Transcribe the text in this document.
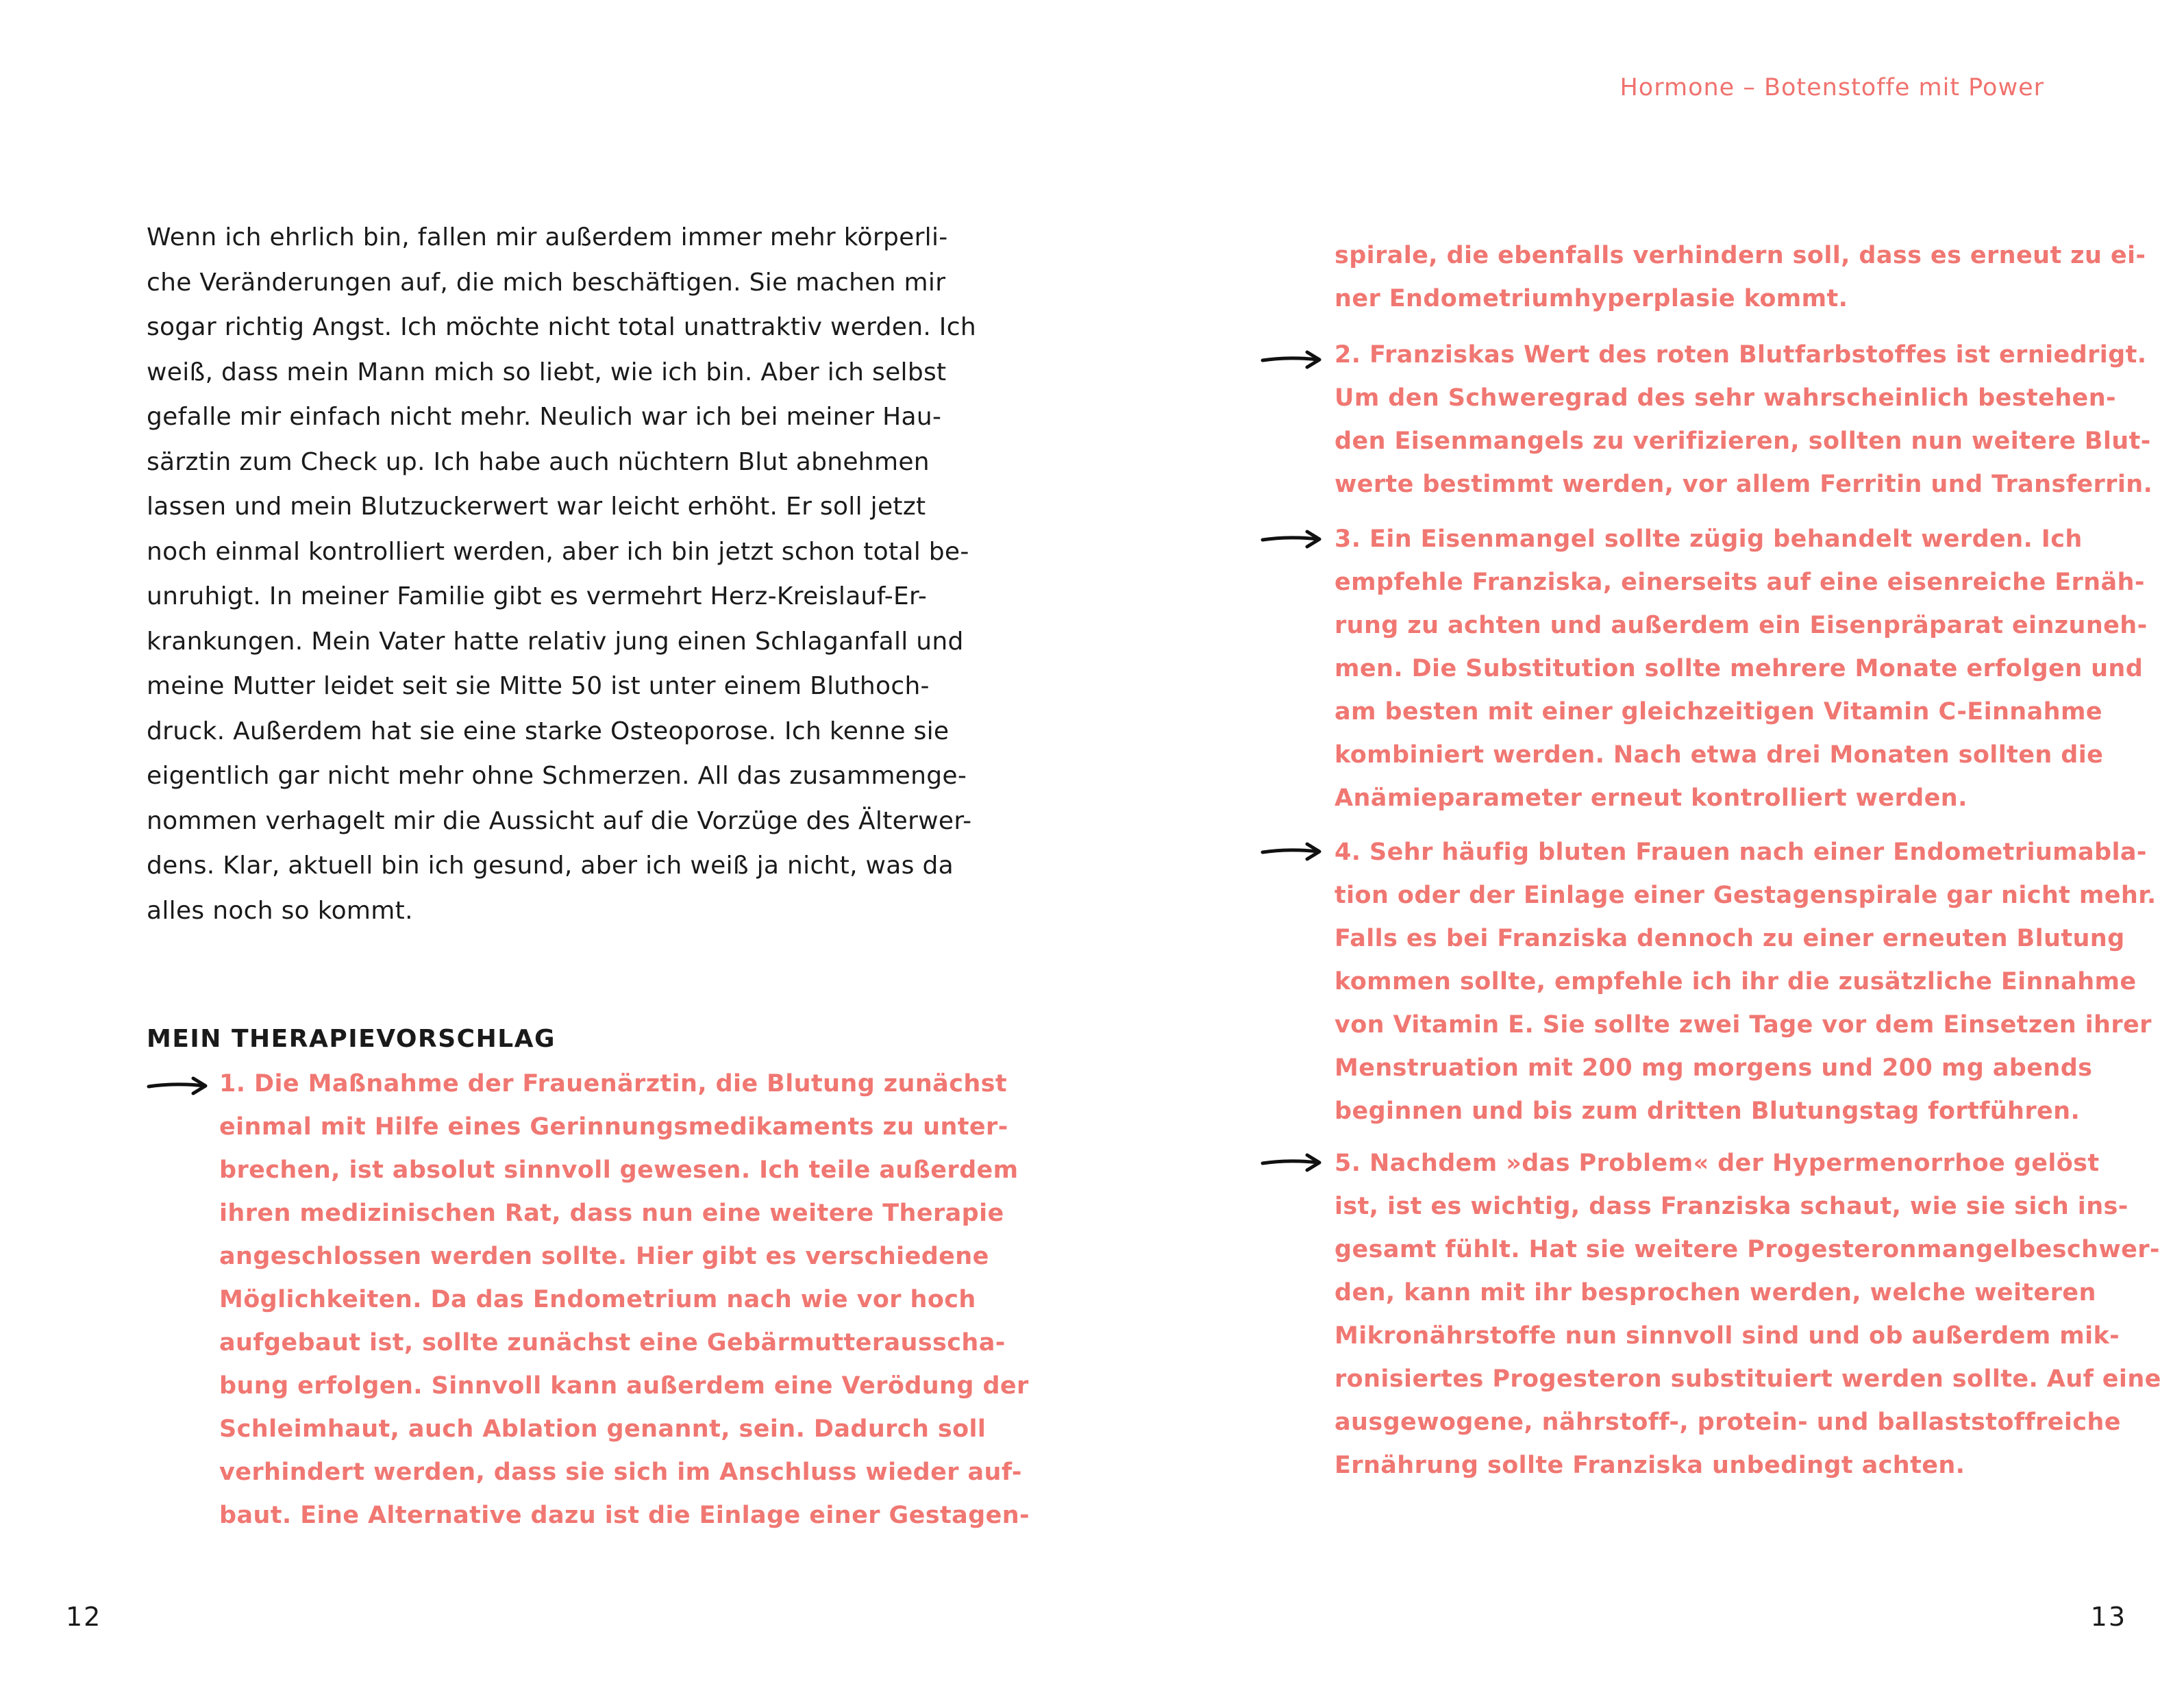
Wenn ich ehrlich bin, fallen mir außerdem immer mehr körperli-
che Veränderungen auf, die mich beschäftigen. Sie machen mir
sogar richtig Angst. Ich möchte nicht total unattraktiv werden. Ich
weiß, dass mein Mann mich so liebt, wie ich bin. Aber ich selbst
gefalle mir einfach nicht mehr. Neulich war ich bei meiner Hau-
särztin zum Check up. Ich habe auch nüchtern Blut abnehmen
lassen und mein Blutzuckerwert war leicht erhöht. Er soll jetzt
noch einmal kontrolliert werden, aber ich bin jetzt schon total be-
unruhigt. In meiner Familie gibt es vermehrt Herz-Kreislauf-Er-
krankungen. Mein Vater hatte relativ jung einen Schlaganfall und
meine Mutter leidet seit sie Mitte 50 ist unter einem Bluthoch-
druck. Außerdem hat sie eine starke Osteoporose. Ich kenne sie
eigentlich gar nicht mehr ohne Schmerzen. All das zusammenge-
nommen verhagelt mir die Aussicht auf die Vorzüge des Älterwer-
dens. Klar, aktuell bin ich gesund, aber ich weiß ja nicht, was da
alles noch so kommt.

MEIN THERAPIEVORSCHLAG

1. Die Maßnahme der Frauenärztin, die Blutung zunächst
einmal mit Hilfe eines Gerinnungsmedikaments zu unter-
brechen, ist absolut sinnvoll gewesen. Ich teile außerdem
ihren medizinischen Rat, dass nun eine weitere Therapie
angeschlossen werden sollte. Hier gibt es verschiedene
Möglichkeiten. Da das Endometrium nach wie vor hoch
aufgebaut ist, sollte zunächst eine Gebärmutterausscha-
bung erfolgen. Sinnvoll kann außerdem eine Verödung der
Schleimhaut, auch Ablation genannt, sein. Dadurch soll
verhindert werden, dass sie sich im Anschluss wieder auf-
baut. Eine Alternative dazu ist die Einlage einer Gestagen-

12
Hormone – Botenstoffe mit Power

spirale, die ebenfalls verhindern soll, dass es erneut zu ei-
ner Endometriumhyperplasie kommt.

2. Franziskas Wert des roten Blutfarbstoffes ist erniedrigt.
Um den Schweregrad des sehr wahrscheinlich bestehen-
den Eisenmangels zu verifizieren, sollten nun weitere Blut-
werte bestimmt werden, vor allem Ferritin und Transferrin.

3. Ein Eisenmangel sollte zügig behandelt werden. Ich
empfehle Franziska, einerseits auf eine eisenreiche Ernäh-
rung zu achten und außerdem ein Eisenpräparat einzuneh-
men. Die Substitution sollte mehrere Monate erfolgen und
am besten mit einer gleichzeitigen Vitamin C-Einnahme
kombiniert werden. Nach etwa drei Monaten sollten die
Anämieparameter erneut kontrolliert werden.

4. Sehr häufig bluten Frauen nach einer Endometriumabla-
tion oder der Einlage einer Gestagenspirale gar nicht mehr.
Falls es bei Franziska dennoch zu einer erneuten Blutung
kommen sollte, empfehle ich ihr die zusätzliche Einnahme
von Vitamin E. Sie sollte zwei Tage vor dem Einsetzen ihrer
Menstruation mit 200 mg morgens und 200 mg abends
beginnen und bis zum dritten Blutungstag fortführen.

5. Nachdem »das Problem« der Hypermenorrhoe gelöst
ist, ist es wichtig, dass Franziska schaut, wie sie sich ins-
gesamt fühlt. Hat sie weitere Progesteronmangelbeschwer-
den, kann mit ihr besprochen werden, welche weiteren
Mikronährstoffe nun sinnvoll sind und ob außerdem mik-
ronisiertes Progesteron substituiert werden sollte. Auf eine
ausgewogene, nährstoff-, protein- und ballaststoffreiche
Ernährung sollte Franziska unbedingt achten.

13
